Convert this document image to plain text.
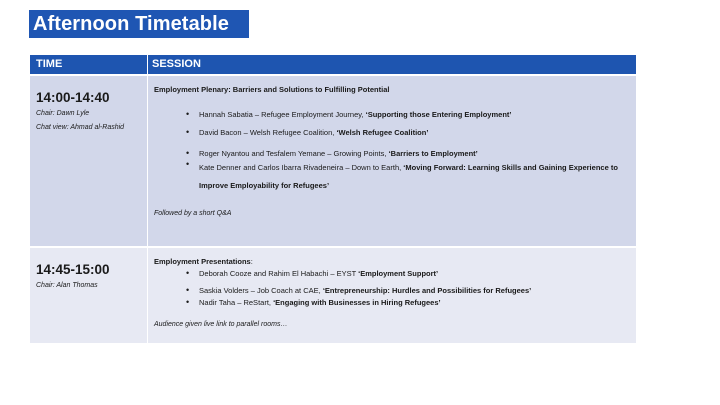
Afternoon Timetable
TIME	SESSION
14:00-14:40
Chair: Dawn Lyle
Chat view: Ahmad al-Rashid
Employment Plenary: Barriers and Solutions to Fulfilling Potential
• Hannah Sabatia – Refugee Employment Journey, ‘Supporting those Entering Employment’
• David Bacon – Welsh Refugee Coalition, ‘Welsh Refugee Coalition’
• Roger Nyantou and Tesfalem Yemane – Growing Points, ‘Barriers to Employment’
• Kate Denner and Carlos Ibarra Rivadeneira – Down to Earth, ‘Moving Forward: Learning Skills and Gaining Experience to Improve Employability for Refugees’
Followed by a short Q&A
14:45-15:00
Chair: Alan Thomas
Employment Presentations:
• Deborah Cooze and Rahim El Habachi – EYST ‘Employment Support’
• Saskia Volders – Job Coach at CAE, ‘Entrepreneurship: Hurdles and Possibilities for Refugees’
• Nadir Taha – ReStart, ‘Engaging with Businesses in Hiring Refugees’
Audience given live link to parallel rooms…
